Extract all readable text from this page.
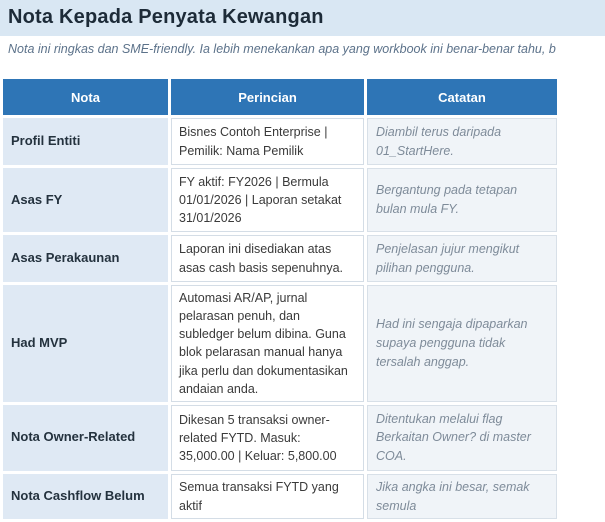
Nota Kepada Penyata Kewangan
Nota ini ringkas dan SME-friendly. Ia lebih menekankan apa yang workbook ini benar-benar tahu, b
Nota	Perincian	Catatan
Profil Entiti	Bisnes Contoh Enterprise | Pemilik: Nama Pemilik	Diambil terus daripada 01_StartHere.
Asas FY	FY aktif: FY2026 | Bermula 01/01/2026 | Laporan setakat 31/01/2026	Bergantung pada tetapan bulan mula FY.
Asas Perakaunan	Laporan ini disediakan atas asas cash basis sepenuhnya.	Penjelasan jujur mengikut pilihan pengguna.
Had MVP	Automasi AR/AP, jurnal pelarasan penuh, dan subledger belum dibina. Guna blok pelarasan manual hanya jika perlu dan dokumentasikan andaian anda.	Had ini sengaja dipaparkan supaya pengguna tidak tersalah anggap.
Nota Owner-Related	Dikesan 5 transaksi owner-related FYTD. Masuk: 35,000.00 | Keluar: 5,800.00	Ditentukan melalui flag Berkaitan Owner? di master COA.
Nota Cashflow Belum	Semua transaksi FYTD yang aktif	Jika angka ini besar, semak semula
